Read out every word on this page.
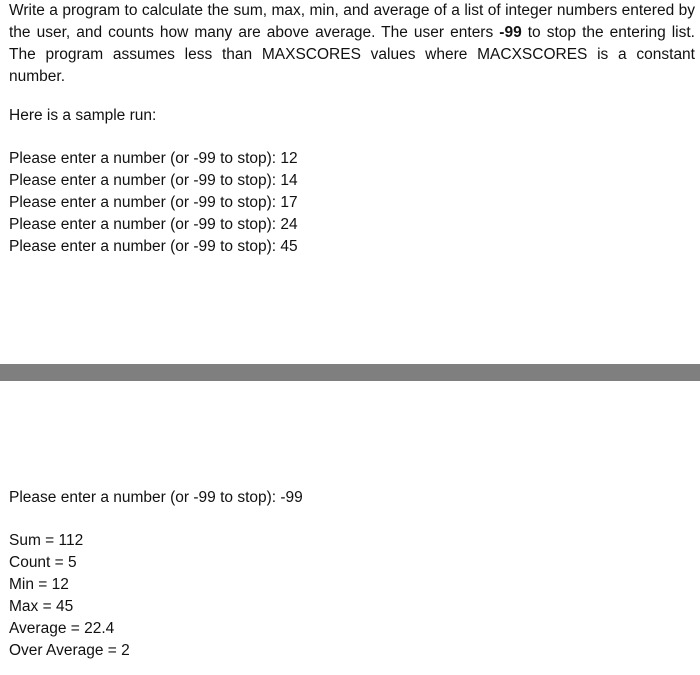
Write a program to calculate the sum, max, min, and average of a list of integer numbers entered by the user, and counts how many are above average. The user enters -99 to stop the entering list. The program assumes less than MAXSCORES values where MACXSCORES is a constant number.

Here is a sample run:
Please enter a number (or -99 to stop): 12
Please enter a number (or -99 to stop): 14
Please enter a number (or -99 to stop): 17
Please enter a number (or -99 to stop): 24
Please enter a number (or -99 to stop): 45
Please enter a number (or -99 to stop): -99
Sum = 112
Count = 5
Min = 12
Max = 45
Average = 22.4
Over Average = 2
